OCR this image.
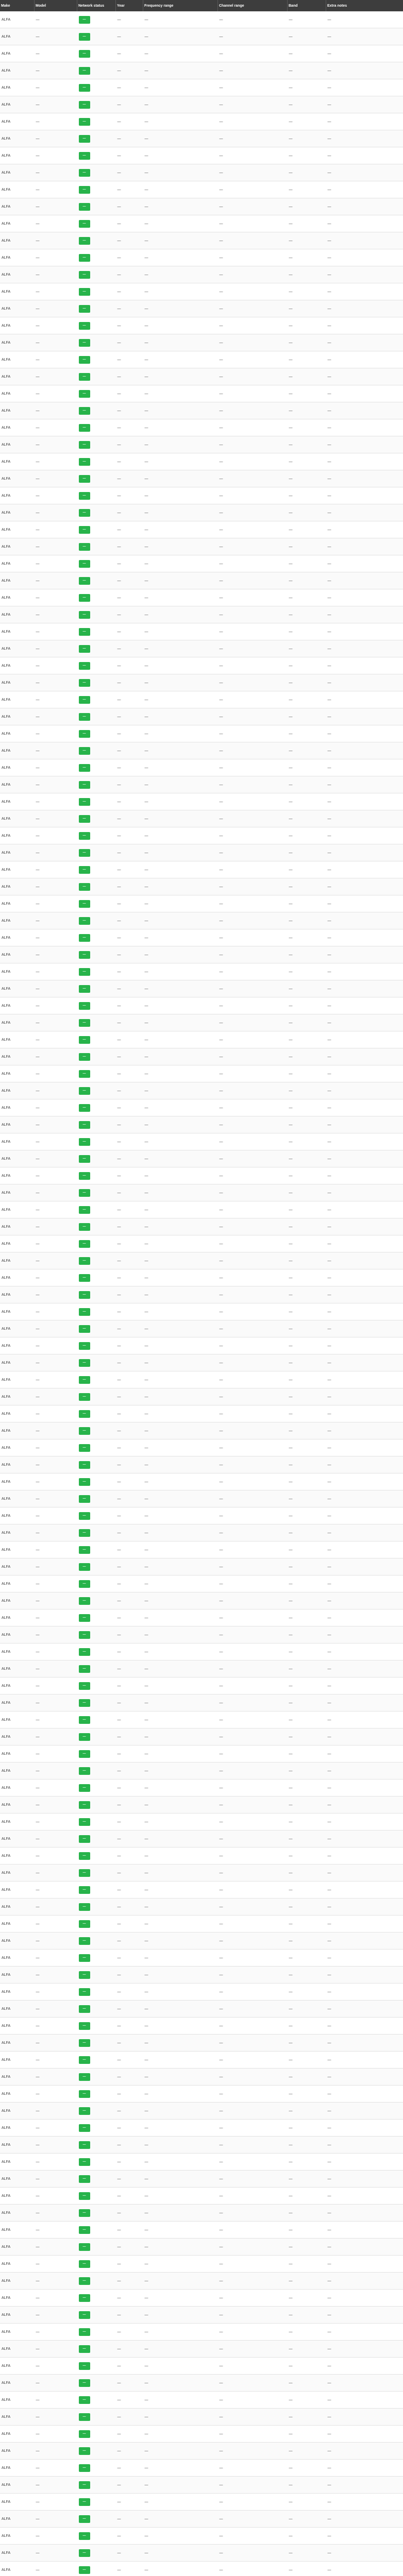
Make	Model	Network status	Year	Frequency range	Channel range	Band	Extra notes
ALFA	—	—	—	—	—	—	—
ALFA	—	—	—	—	—	—	—
ALFA	—	—	—	—	—	—	—
ALFA	—	—	—	—	—	—	—
ALFA	—	—	—	—	—	—	—
ALFA	—	—	—	—	—	—	—
ALFA	—	—	—	—	—	—	—
ALFA	—	—	—	—	—	—	—
ALFA	—	—	—	—	—	—	—
ALFA	—	—	—	—	—	—	—
ALFA	—	—	—	—	—	—	—
ALFA	—	—	—	—	—	—	—
ALFA	—	—	—	—	—	—	—
ALFA	—	—	—	—	—	—	—
ALFA	—	—	—	—	—	—	—
ALFA	—	—	—	—	—	—	—
ALFA	—	—	—	—	—	—	—
ALFA	—	—	—	—	—	—	—
ALFA	—	—	—	—	—	—	—
ALFA	—	—	—	—	—	—	—
ALFA	—	—	—	—	—	—	—
ALFA	—	—	—	—	—	—	—
ALFA	—	—	—	—	—	—	—
ALFA	—	—	—	—	—	—	—
ALFA	—	—	—	—	—	—	—
ALFA	—	—	—	—	—	—	—
ALFA	—	—	—	—	—	—	—
ALFA	—	—	—	—	—	—	—
ALFA	—	—	—	—	—	—	—
ALFA	—	—	—	—	—	—	—
ALFA	—	—	—	—	—	—	—
ALFA	—	—	—	—	—	—	—
ALFA	—	—	—	—	—	—	—
ALFA	—	—	—	—	—	—	—
ALFA	—	—	—	—	—	—	—
ALFA	—	—	—	—	—	—	—
ALFA	—	—	—	—	—	—	—
ALFA	—	—	—	—	—	—	—
ALFA	—	—	—	—	—	—	—
ALFA	—	—	—	—	—	—	—
ALFA	—	—	—	—	—	—	—
ALFA	—	—	—	—	—	—	—
ALFA	—	—	—	—	—	—	—
ALFA	—	—	—	—	—	—	—
ALFA	—	—	—	—	—	—	—
ALFA	—	—	—	—	—	—	—
ALFA	—	—	—	—	—	—	—
ALFA	—	—	—	—	—	—	—
ALFA	—	—	—	—	—	—	—
ALFA	—	—	—	—	—	—	—
ALFA	—	—	—	—	—	—	—
ALFA	—	—	—	—	—	—	—
ALFA	—	—	—	—	—	—	—
ALFA	—	—	—	—	—	—	—
ALFA	—	—	—	—	—	—	—
ALFA	—	—	—	—	—	—	—
ALFA	—	—	—	—	—	—	—
ALFA	—	—	—	—	—	—	—
ALFA	—	—	—	—	—	—	—
ALFA	—	—	—	—	—	—	—
ALFA	—	—	—	—	—	—	—
ALFA	—	—	—	—	—	—	—
ALFA	—	—	—	—	—	—	—
ALFA	—	—	—	—	—	—	—
ALFA	—	—	—	—	—	—	—
ALFA	—	—	—	—	—	—	—
ALFA	—	—	—	—	—	—	—
ALFA	—	—	—	—	—	—	—
ALFA	—	—	—	—	—	—	—
ALFA	—	—	—	—	—	—	—
ALFA	—	—	—	—	—	—	—
ALFA	—	—	—	—	—	—	—
ALFA	—	—	—	—	—	—	—
ALFA	—	—	—	—	—	—	—
ALFA	—	—	—	—	—	—	—
ALFA	—	—	—	—	—	—	—
ALFA	—	—	—	—	—	—	—
ALFA	—	—	—	—	—	—	—
ALFA	—	—	—	—	—	—	—
ALFA	—	—	—	—	—	—	—
ALFA	—	—	—	—	—	—	—
ALFA	—	—	—	—	—	—	—
ALFA	—	—	—	—	—	—	—
ALFA	—	—	—	—	—	—	—
ALFA	—	—	—	—	—	—	—
ALFA	—	—	—	—	—	—	—
ALFA	—	—	—	—	—	—	—
ALFA	—	—	—	—	—	—	—
ALFA	—	—	—	—	—	—	—
ALFA	—	—	—	—	—	—	—
ALFA	—	—	—	—	—	—	—
ALFA	—	—	—	—	—	—	—
ALFA	—	—	—	—	—	—	—
ALFA	—	—	—	—	—	—	—
ALFA	—	—	—	—	—	—	—
ALFA	—	—	—	—	—	—	—
ALFA	—	—	—	—	—	—	—
ALFA	—	—	—	—	—	—	—
ALFA	—	—	—	—	—	—	—
ALFA	—	—	—	—	—	—	—
ALFA	—	—	—	—	—	—	—
ALFA	—	—	—	—	—	—	—
ALFA	—	—	—	—	—	—	—
ALFA	—	—	—	—	—	—	—
ALFA	—	—	—	—	—	—	—
ALFA	—	—	—	—	—	—	—
ALFA	—	—	—	—	—	—	—
ALFA	—	—	—	—	—	—	—
ALFA	—	—	—	—	—	—	—
ALFA	—	—	—	—	—	—	—
ALFA	—	—	—	—	—	—	—
ALFA	—	—	—	—	—	—	—
ALFA	—	—	—	—	—	—	—
ALFA	—	—	—	—	—	—	—
ALFA	—	—	—	—	—	—	—
ALFA	—	—	—	—	—	—	—
ALFA	—	—	—	—	—	—	—
ALFA	—	—	—	—	—	—	—
ALFA	—	—	—	—	—	—	—
ALFA	—	—	—	—	—	—	—
ALFA	—	—	—	—	—	—	—
ALFA	—	—	—	—	—	—	—
ALFA	—	—	—	—	—	—	—
ALFA	—	—	—	—	—	—	—
ALFA	—	—	—	—	—	—	—
ALFA	—	—	—	—	—	—	—
ALFA	—	—	—	—	—	—	—
ALFA	—	—	—	—	—	—	—
ALFA	—	—	—	—	—	—	—
ALFA	—	—	—	—	—	—	—
ALFA	—	—	—	—	—	—	—
ALFA	—	—	—	—	—	—	—
ALFA	—	—	—	—	—	—	—
ALFA	—	—	—	—	—	—	—
ALFA	—	—	—	—	—	—	—
ALFA	—	—	—	—	—	—	—
ALFA	—	—	—	—	—	—	—
ALFA	—	—	—	—	—	—	—
ALFA	—	—	—	—	—	—	—
ALFA	—	—	—	—	—	—	—
ALFA	—	—	—	—	—	—	—
ALFA	—	—	—	—	—	—	—
ALFA	—	—	—	—	—	—	—
ALFA	—	—	—	—	—	—	—
ALFA	—	—	—	—	—	—	—
ALFA	—	—	—	—	—	—	—
ALFA	—	—	—	—	—	—	—
ALFA	—	—	—	—	—	—	—
ALFA	—	—	—	—	—	—	—
ALFA	—	—	—	—	—	—	—
ALFA	—	—	—	—	—	—	—
